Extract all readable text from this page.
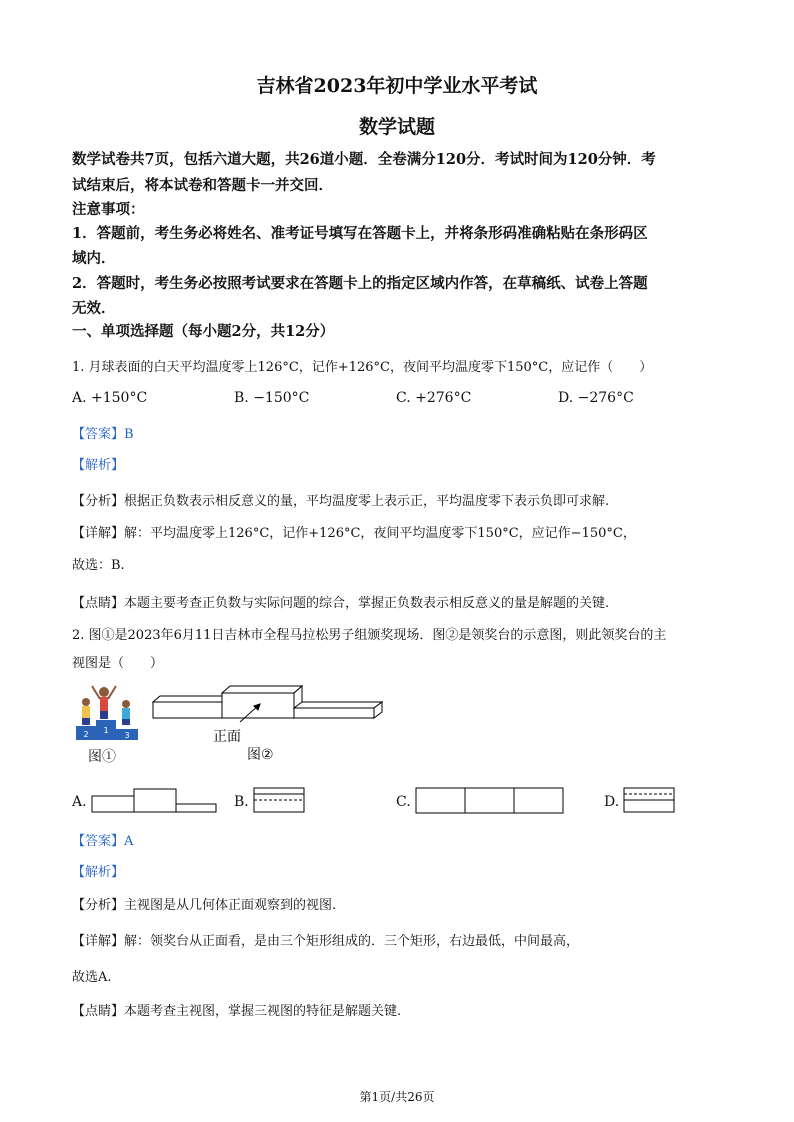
吉林省2023年初中学业水平考试
数学试题
数学试卷共7页，包括六道大题，共26道小题．全卷满分120分．考试时间为120分钟．考
试结束后，将本试卷和答题卡一并交回．
注意事项：
1．答题前，考生务必将姓名、准考证号填写在答题卡上，并将条形码准确粘贴在条形码区
域内．
2．答题时，考生务必按照考试要求在答题卡上的指定区域内作答，在草稿纸、试卷上答题
无效．
一、单项选择题（每小题2分，共12分）
1. 月球表面的白天平均温度零上126°C，记作+126°C，夜间平均温度零下150°C，应记作（　　）
A. +150°C	B. −150°C	C. +276°C	D. −276°C
【答案】B
【解析】
【分析】根据正负数表示相反意义的量，平均温度零上表示正，平均温度零下表示负即可求解.
【详解】解：平均温度零上126°C，记作+126°C，夜间平均温度零下150°C，应记作−150°C，
故选：B.
【点睛】本题主要考查正负数与实际问题的综合，掌握正负数表示相反意义的量是解题的关键.
2. 图①是2023年6月11日吉林市全程马拉松男子组颁奖现场．图②是领奖台的示意图，则此领奖台的主
视图是（　　）
2 1
3
图①
正面
图②
A.	B.	C.	D.
【答案】A
【解析】
【分析】主视图是从几何体正面观察到的视图.
【详解】解：领奖台从正面看，是由三个矩形组成的．三个矩形，右边最低，中间最高，
故选A.
【点睛】本题考查主视图，掌握三视图的特征是解题关键.
第1页/共26页
